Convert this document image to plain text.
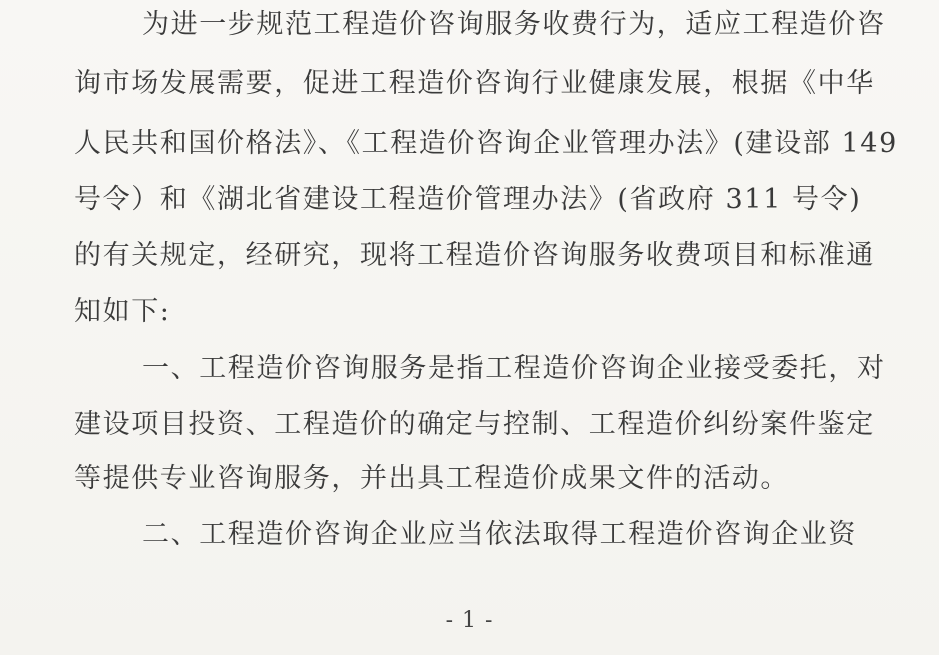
为进一步规范工程造价咨询服务收费行为，适应工程造价咨
询市场发展需要，促进工程造价咨询行业健康发展，根据《中华
人民共和国价格法》、《工程造价咨询企业管理办法》(建设部 149
号令）和《湖北省建设工程造价管理办法》(省政府 311 号令)
的有关规定，经研究，现将工程造价咨询服务收费项目和标准通
知如下:
一、工程造价咨询服务是指工程造价咨询企业接受委托，对
建设项目投资、工程造价的确定与控制、工程造价纠纷案件鉴定
等提供专业咨询服务，并出具工程造价成果文件的活动。
二、工程造价咨询企业应当依法取得工程造价咨询企业资
- 1 -
